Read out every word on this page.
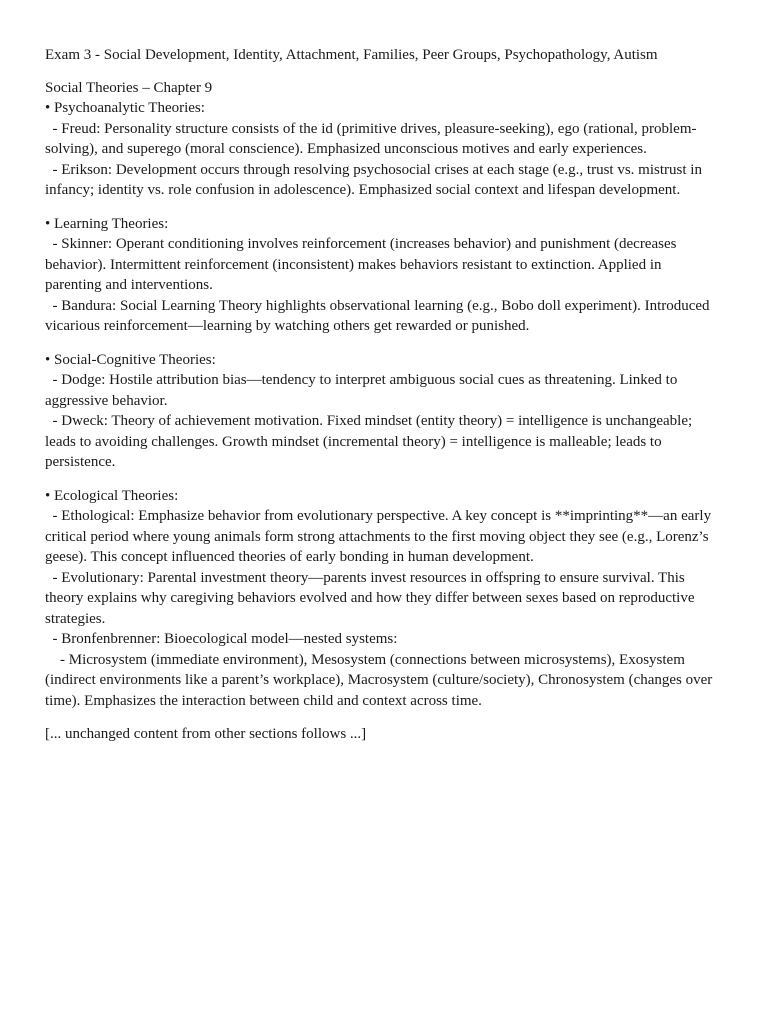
Exam 3 - Social Development, Identity, Attachment, Families, Peer Groups, Psychopathology, Autism

Social Theories – Chapter 9

• Psychoanalytic Theories:
- Freud: Personality structure consists of the id (primitive drives, pleasure-seeking), ego (rational, problem-solving), and superego (moral conscience). Emphasized unconscious motives and early experiences.
- Erikson: Development occurs through resolving psychosocial crises at each stage (e.g., trust vs. mistrust in infancy; identity vs. role confusion in adolescence). Emphasized social context and lifespan development.
• Learning Theories:
- Skinner: Operant conditioning involves reinforcement (increases behavior) and punishment (decreases behavior). Intermittent reinforcement (inconsistent) makes behaviors resistant to extinction. Applied in parenting and interventions.
- Bandura: Social Learning Theory highlights observational learning (e.g., Bobo doll experiment). Introduced vicarious reinforcement—learning by watching others get rewarded or punished.
• Social-Cognitive Theories:
- Dodge: Hostile attribution bias—tendency to interpret ambiguous social cues as threatening. Linked to aggressive behavior.
- Dweck: Theory of achievement motivation. Fixed mindset (entity theory) = intelligence is unchangeable; leads to avoiding challenges. Growth mindset (incremental theory) = intelligence is malleable; leads to persistence.
• Ecological Theories:
- Ethological: Emphasize behavior from evolutionary perspective. A key concept is **imprinting**—an early critical period where young animals form strong attachments to the first moving object they see (e.g., Lorenz’s geese). This concept influenced theories of early bonding in human development.
- Evolutionary: Parental investment theory—parents invest resources in offspring to ensure survival. This theory explains why caregiving behaviors evolved and how they differ between sexes based on reproductive strategies.
- Bronfenbrenner: Bioecological model—nested systems:
- Microsystem (immediate environment), Mesosystem (connections between microsystems), Exosystem (indirect environments like a parent’s workplace), Macrosystem (culture/society), Chronosystem (changes over time). Emphasizes the interaction between child and context across time.

[... unchanged content from other sections follows ...]
